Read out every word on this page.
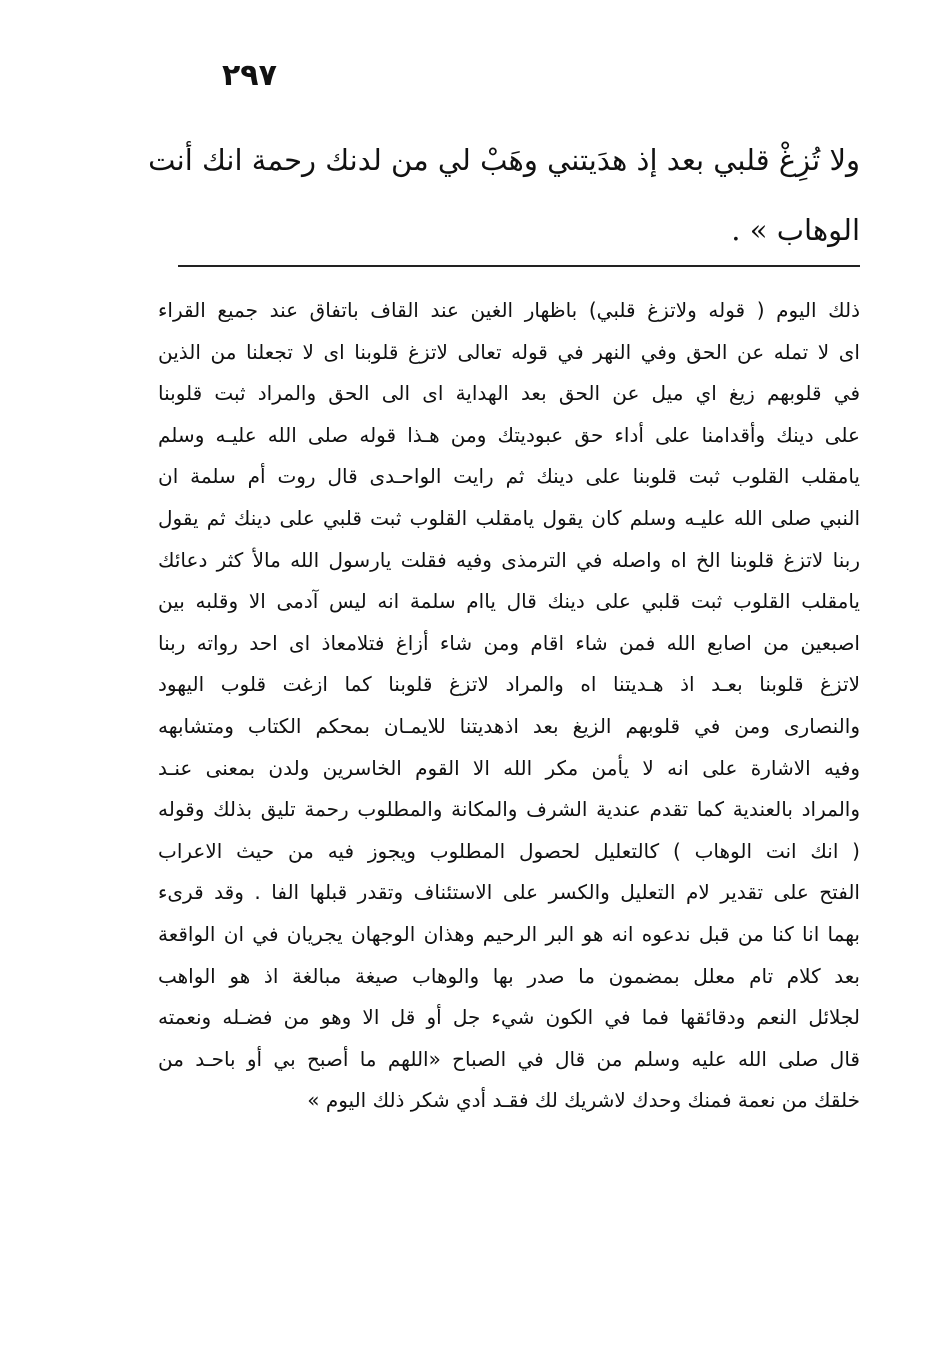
٢٩٧
ولا تُزِغْ قلبي بعد إذ هدَيتني وهَبْ لي من لدنك رحمة انك أنت
الوهاب » .
ذلك اليوم ( قوله ولاتزغ قلبي) باظهار الغين عند القاف باتفاق عند جميع القراء
اى لا تمله عن الحق وفي النهر في قوله تعالى لاتزغ قلوبنا اى لا تجعلنا من الذين
في قلوبهم زيغ اي ميل عن الحق بعد الهداية اى الى الحق والمراد ثبت قلوبنا
على دينك وأقدامنا على أداء حق عبوديتك ومن هـذا قوله صلى الله عليـه وسلم
يامقلب القلوب ثبت قلوبنا على دينك ثم رايت الواحـدى قال روت أم سلمة ان
النبي صلى الله عليـه وسلم كان يقول يامقلب القلوب ثبت قلبي على دينك ثم يقول
ربنا لاتزغ قلوبنا الخ اه واصله في الترمذى وفيه فقلت يارسول الله مالأ كثر دعائك
يامقلب القلوب ثبت قلبي على دينك قال ياام سلمة انه ليس آدمى الا وقلبه بين
اصبعين من اصابع الله فمن شاء اقام ومن شاء أزاغ فتلامعاذ اى احد رواته ربنا
لاتزغ قلوبنا بعـد اذ هـديتنا اه والمراد لاتزغ قلوبنا كما ازغت قلوب اليهود
والنصارى ومن في قلوبهم الزيغ بعد اذهديتنا للايمـان بمحكم الكتاب ومتشابهه
وفيه الاشارة على انه لا يأمن مكر الله الا القوم الخاسرين ولدن بمعنى عنـد
والمراد بالعندية كما تقدم عندية الشرف والمكانة والمطلوب رحمة تليق بذلك وقوله
( انك انت الوهاب ) كالتعليل لحصول المطلوب ويجوز فيه من حيث الاعراب
الفتح على تقدير لام التعليل والكسر على الاستئناف وتقدر قبلها الفا . وقد قرىء
بهما انا كنا من قبل ندعوه انه هو البر الرحيم وهذان الوجهان يجريان في ان الواقعة
بعد كلام تام معلل بمضمون ما صدر بها والوهاب صيغة مبالغة اذ هو الواهب
لجلائل النعم ودقائقها فما في الكون شيء جل أو قل الا وهو من فضـله ونعمته
قال صلى الله عليه وسلم من قال في الصباح «اللهم ما أصبح بي أو باحـد من
خلقك من نعمة فمنك وحدك لاشريك لك فقـد أدي شكر ذلك اليوم »
